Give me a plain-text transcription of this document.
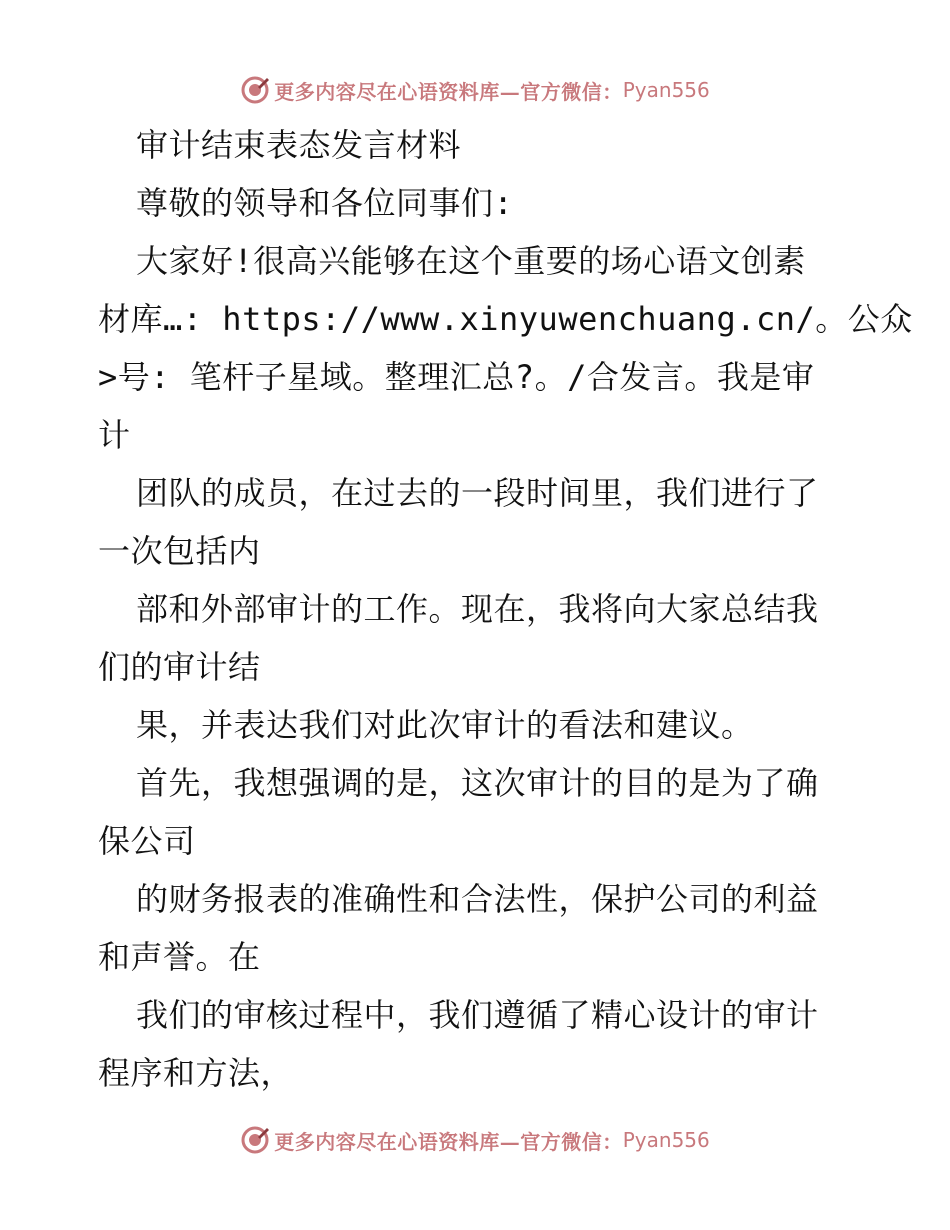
更多内容尽在心语资料库—官方微信： Pyan556
审计结束表态发言材料
尊敬的领导和各位同事们:
大家好!很高兴能够在这个重要的场心语文创素
材库…: https://www.xinyuwenchuang.cn/。公众
>号: 笔杆子星域。整理汇总?。/合发言。我是审
计
团队的成员，在过去的一段时间里，我们进行了
一次包括内
部和外部审计的工作。现在，我将向大家总结我
们的审计结
果，并表达我们对此次审计的看法和建议。
首先，我想强调的是，这次审计的目的是为了确
保公司
的财务报表的准确性和合法性，保护公司的利益
和声誉。在
我们的审核过程中，我们遵循了精心设计的审计
程序和方法，
更多内容尽在心语资料库—官方微信： Pyan556
